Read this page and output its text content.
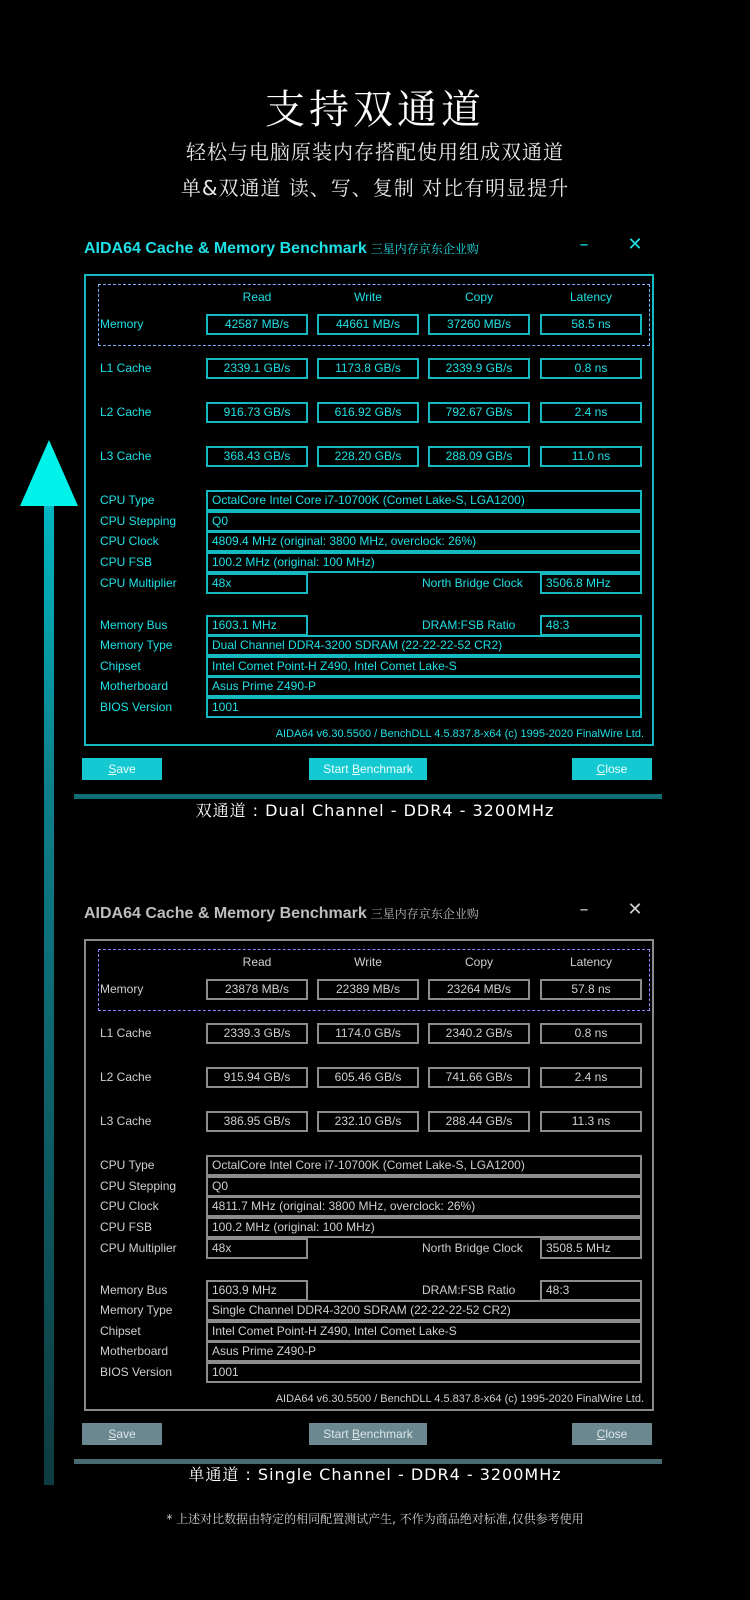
支持双通道
轻松与电脑原装内存搭配使用组成双通道
单&双通道 读、写、复制 对比有明显提升
AIDA64 Cache & Memory Benchmark 三星内存京东企业购	–	✕
AIDA64 v6.30.5500 / BenchDLL 4.5.837.8-x64 (c) 1995-2020 FinalWire Ltd.
Read	Write	Copy	Latency
Memory	42587 MB/s	44661 MB/s	37260 MB/s	58.5 ns
L1 Cache	2339.1 GB/s	1173.8 GB/s	2339.9 GB/s	0.8 ns
L2 Cache	916.73 GB/s	616.92 GB/s	792.67 GB/s	2.4 ns
L3 Cache	368.43 GB/s	228.20 GB/s	288.09 GB/s	11.0 ns
CPU Type	OctalCore Intel Core i7-10700K (Comet Lake-S, LGA1200)
CPU Stepping	Q0
CPU Clock	4809.4 MHz (original: 3800 MHz, overclock: 26%)
CPU FSB	100.2 MHz (original: 100 MHz)
Memory Type	Dual Channel DDR4-3200 SDRAM (22-22-22-52 CR2)
Chipset	Intel Comet Point-H Z490, Intel Comet Lake-S
Motherboard	Asus Prime Z490-P
BIOS Version	1001
CPU Multiplier	48x	North Bridge Clock	3506.8 MHz
Memory Bus	1603.1 MHz	DRAM:FSB Ratio	48:3
Save	Start Benchmark	Close
双通道 : Dual Channel - DDR4 - 3200MHz
AIDA64 Cache & Memory Benchmark 三星内存京东企业购	–	✕
AIDA64 v6.30.5500 / BenchDLL 4.5.837.8-x64 (c) 1995-2020 FinalWire Ltd.
Read	Write	Copy	Latency
Memory	23878 MB/s	22389 MB/s	23264 MB/s	57.8 ns
L1 Cache	2339.3 GB/s	1174.0 GB/s	2340.2 GB/s	0.8 ns
L2 Cache	915.94 GB/s	605.46 GB/s	741.66 GB/s	2.4 ns
L3 Cache	386.95 GB/s	232.10 GB/s	288.44 GB/s	11.3 ns
CPU Type	OctalCore Intel Core i7-10700K (Comet Lake-S, LGA1200)
CPU Stepping	Q0
CPU Clock	4811.7 MHz (original: 3800 MHz, overclock: 26%)
CPU FSB	100.2 MHz (original: 100 MHz)
Memory Type	Single Channel DDR4-3200 SDRAM (22-22-22-52 CR2)
Chipset	Intel Comet Point-H Z490, Intel Comet Lake-S
Motherboard	Asus Prime Z490-P
BIOS Version	1001
CPU Multiplier	48x	North Bridge Clock	3508.5 MHz
Memory Bus	1603.9 MHz	DRAM:FSB Ratio	48:3
Save	Start Benchmark	Close
单通道 : Single Channel - DDR4 - 3200MHz
* 上述对比数据由特定的相同配置测试产生, 不作为商品绝对标准,仅供参考使用
